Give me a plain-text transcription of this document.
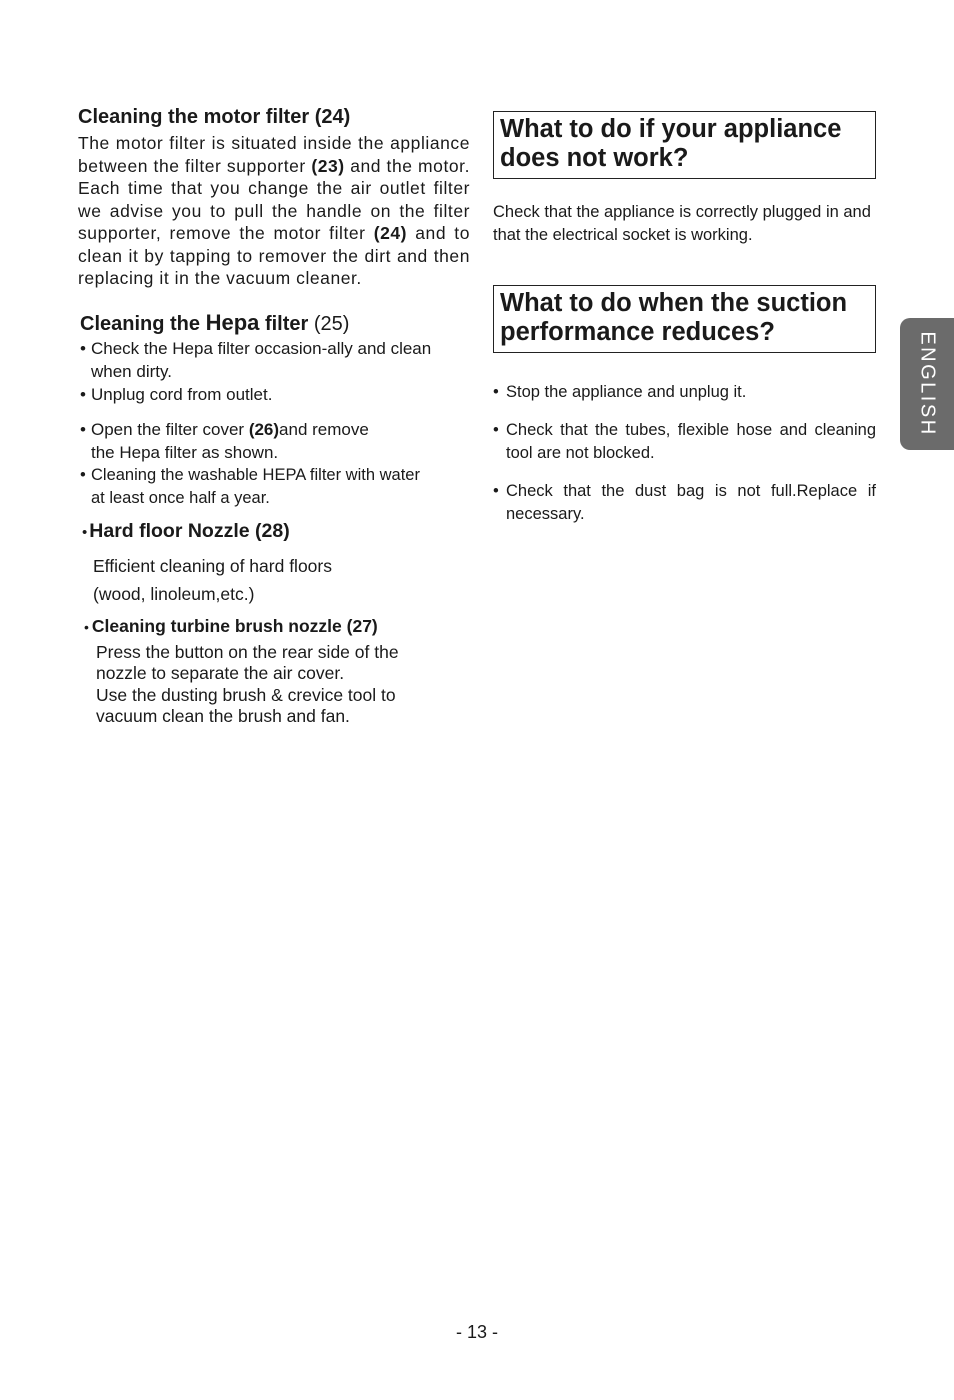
Cleaning the motor filter (24)

The motor filter is situated inside the appliance between the filter supporter (23) and the motor. Each time that you change the air outlet filter we advise you to pull the handle on the filter supporter, remove the motor filter (24) and to clean it by tapping to remover the dirt and then replacing it in the vacuum cleaner.

Cleaning the Hepa filter (25)

• Check the Hepa filter occasion-ally and clean when dirty.

• Unplug cord from outlet.

• Open the filter cover (26)and remove
the Hepa filter as shown.

• Cleaning the washable HEPA filter with water
at least once half a year.

• Hard floor Nozzle (28)

Efficient cleaning of hard floors

(wood, linoleum,etc.)

• Cleaning turbine brush nozzle (27)

Press the button on the rear side of the

nozzle to separate the air cover.

Use the dusting brush & crevice tool to

vacuum clean the brush and fan.

What to do if your appliance
does not work?

Check that the appliance is correctly plugged in and that the electrical socket is working.

What to do when the suction
performance reduces?

• Stop the appliance and unplug it.

• Check that the tubes, flexible hose and cleaning tool are not blocked.

• Check that the dust bag is not full.Replace if necessary.

ENGLISH
- 13 -
